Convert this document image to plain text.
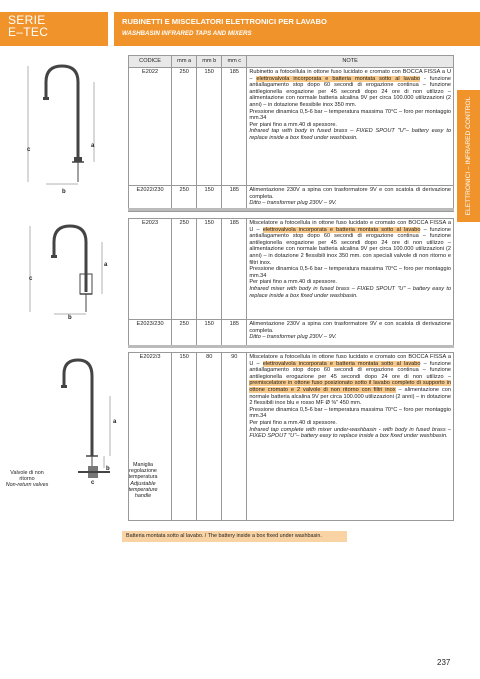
SERIE
E–TEC
RUBINETTI E MISCELATORI ELETTRONICI PER LAVABO
WASHBASIN INFRARED TAPS AND MIXERS
ELETTRONICI – INFRARED CONTROL
a
c
b
CODICE	mm a	mm b	mm c	NOTE
E2022	250	150	185	Rubinetto a fotocellula in ottone fuso lucidato e cromato con BOCCA FISSA a U – elettrovalvola incorporata e batteria montata sotto al lavabo - funzione antiallagamento stop dopo 60 secondi di erogazione continua – funzione antilegionella erogazione per 45 secondi dopo 24 ore di non utilizzo – alimentazione con normale batteria alcalina 9V per circa 100.000 utilizzazioni (2 anni) – in dotazione flessibile inox 350 mm.
Pressione dinamica 0,5-6 bar – temperatura massima 70°C – foro per montaggio mm.34
Per piani fino a mm.40 di spessore.
Infrared tap with body in fused brass – FIXED SPOUT "U"– battery easy to replace inside a box fixed under washbasin.
E2022/230	250	150	185	Alimentazione 230V a spina con trasformatore 9V e con scatola di derivazione completa.
Ditto – transformer plug 230V – 9V.
a
c
b
E2023	250	150	185	Miscelatore a fotocellula in ottone fuso lucidato e cromato con BOCCA FISSA a U – elettrovalvola incorporata e batteria montata sotto al lavabo – funzione antiallagamento stop dopo 60 secondi di erogazione continua – funzione antilegionella erogazione per 45 secondi dopo 24 ore di non utilizzo – alimentazione con normale batteria alcalina 9V per circa 100.000 utilizzazioni (2 anni) – in dotazione 2 flessibili inox 350 mm. con speciali valvole di non ritorno e filtri inox.
Pressione dinamica 0,5-6 bar – temperatura massima 70°C – foro per montaggio mm.34
Per piani fino a mm.40 di spessore.
Infrared mixer with body in fused brass – FIXED SPOUT "U" – battery easy to replace inside a box fixed under washbasin.
E2023/230	250	150	185	Alimentazione 230V a spina con trasformatore 9V e con scatola di derivazione completa.
Ditto – transformer plug 230V – 9V.
a
b
c
Valvole di non ritorno
Non-return valves
Maniglia regolazione temperatura
Adjustable temperature handle
E2022/3	150	80	90	Miscelatore a fotocellula in ottone fuso lucidato e cromato con BOCCA FISSA a U – elettrovalvola incorporata e batteria montata sotto al lavabo – funzione antiallagamento stop dopo 60 secondi di erogazione continua – funzione antilegionella erogazione per 45 secondi dopo 24 ore di non utilizzo – premiscelatore in ottone fuso posizionato sotto il lavabo completo di supporto in ottone cromato e 2 valvole di non ritorno con filtri inox – alimentazione con normale batteria alcalina 9V per circa 100.000 utilizzazioni (2 anni) – in dotazione 2 flessibili inox blu e rosso MF Ø ⅜" 450 mm.
Pressione dinamica 0,5-6 bar – temperatura massima 70°C – foro per montaggio mm.34
Per piani fino a mm.40 di spessore.
Infrared tap complete with mixer under-washbasin - with body in fused brass – FIXED SPOUT "U"– battery easy to replace inside a box fixed under washbasin.
Batteria montata sotto al lavabo. / The battery inside a box fixed under washbasin.
237
